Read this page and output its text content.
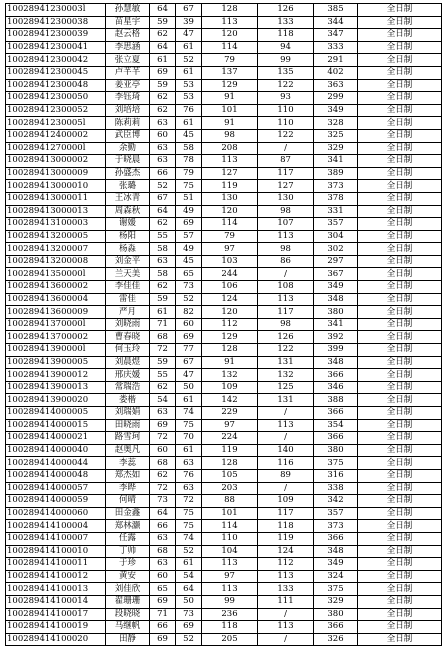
10028941230003l	孙慧敏	64	67	128	126	385	全日制
100289412300038	苗星宇	59	39	113	133	344	全日制
100289412300039	赵云格	62	47	120	118	347	全日制
100289412300041	李思涵	64	61	114	94	333	全日制
100289412300042	张立夏	61	52	79	99	291	全日制
100289412300045	卢芊芊	69	61	137	135	402	全日制
100289412300048	姜亚亭	59	53	129	122	363	全日制
100289412300050	李钰琦	62	53	91	93	299	全日制
100289412300052	刘培培	62	76	101	110	349	全日制
10028941230005l	陈莉莉	63	61	91	110	328	全日制
100289412400002	武臣博	60	45	98	122	325	全日制
10028941270000l	余勤	63	58	208	/	329	全日制
100289413000002	于晓晨	63	78	113	87	341	全日制
100289413000009	孙盛杰	66	79	127	117	389	全日制
100289413000010	张璐	52	75	119	127	373	全日制
100289413000011	王冰青	67	51	130	130	378	全日制
100289413000013	周森秋	64	49	120	98	331	全日制
100289413100003	谢媛	62	69	114	107	357	全日制
100289413200005	杨阳	55	57	79	113	304	全日制
100289413200007	杨淼	58	49	97	98	302	全日制
100289413200008	刘金平	63	45	103	86	297	全日制
10028941350000l	兰天美	58	65	244	/	367	全日制
100289413600002	李佳佳	62	73	106	108	349	全日制
100289413600004	雷佳	59	52	124	113	348	全日制
100289413600009	严月	61	82	120	117	380	全日制
10028941370000l	刘晓雨	71	60	112	98	341	全日制
100289413700002	曹春晓	68	69	129	126	392	全日制
10028941390000l	何玉玲	72	77	128	122	399	全日制
100289413900005	刘晨煜	59	67	91	131	348	全日制
100289413900012	邢庆媛	55	47	132	132	366	全日制
100289413900013	常瑞浩	62	50	109	125	346	全日制
100289413900020	娄楷	54	61	142	131	388	全日制
100289414000005	刘瑞娟	63	74	229	/	366	全日制
100289414000015	田晓雨	69	75	97	113	354	全日制
100289414000021	路雪珂	72	70	224	/	366	全日制
100289414000040	赵奥凡	60	61	119	140	380	全日制
100289414000044	李蕊	68	63	128	116	375	全日制
100289414000048	郑杰如	62	76	105	89	316	全日制
100289414000057	李晔	72	63	203	/	338	全日制
100289414000059	何晴	73	72	88	109	342	全日制
100289414000060	田金鑫	64	75	101	117	357	全日制
100289414100004	郑林灏	66	75	114	118	373	全日制
100289414100007	任露	63	74	110	119	366	全日制
100289414100010	丁帅	68	52	104	124	348	全日制
100289414100011	于珍	63	61	113	112	349	全日制
100289414100012	黄安	60	54	97	113	324	全日制
100289414100013	刘佳欣	65	64	113	133	375	全日制
100289414100014	翟珊珊	69	50	99	111	329	全日制
100289414100017	段晓晓	71	73	236	/	380	全日制
100289414100019	马继帆	66	69	118	113	366	全日制
100289414100020	田静	69	52	205	/	326	全日制
